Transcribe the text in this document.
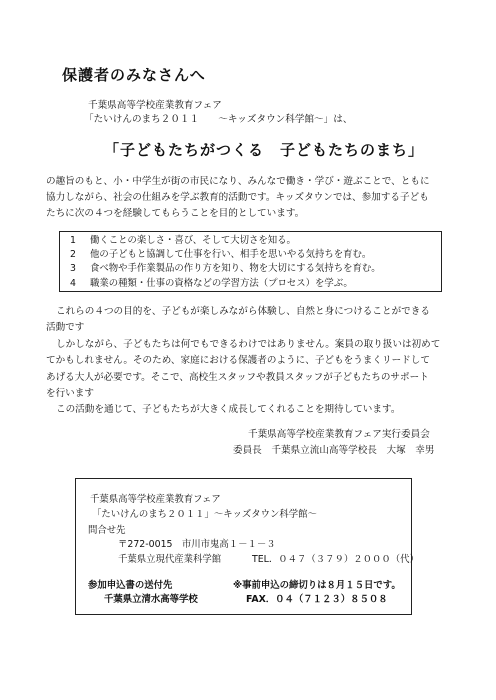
保護者のみなさんへ
千葉県高等学校産業教育フェア
「たいけんのまち２０１１　　～キッズタウン科学館～」は、
「子どもたちがつくる　子どもたちのまち」
の趣旨のもと、小・中学生が街の市民になり、みんなで働き・学び・遊ぶことで、ともに
協力しながら、社会の仕組みを学ぶ教育的活動です。キッズタウンでは、参加する子ども
たちに次の４つを経験してもらうことを目的としています。
1 働くことの楽しさ・喜び、そして大切さを知る。
2 他の子どもと協調して仕事を行い、相手を思いやる気持ちを育む。
3 食べ物や手作業製品の作り方を知り、物を大切にする気持ちを育む。
4 職業の種類・仕事の資格などの学習方法（プロセス）を学ぶ。
これらの４つの目的を、子どもが楽しみながら体験し、自然と身につけることができる
活動です
しかしながら、子どもたちは何でもできるわけではありません。案員の取り扱いは初めて
てかもしれません。そのため、家庭における保護者のように、子どもをうまくリードして
あげる大人が必要です。そこで、高校生スタッフや教員スタッフが子どもたちのサポート
を行います
この活動を通じて、子どもたちが大きく成長してくれることを期待しています。
千葉県高等学校産業教育フェア実行委員会
委員長　千葉県立流山高等学校長　大塚　幸男
千葉県高等学校産業教育フェア
「たいけんのまち２０１１」～キッズタウン科学館～
問合せ先
〒272-0015　市川市鬼高１－１－３
千葉県立現代産業科学館	TEL．０４７（３７９）２０００（代）
参加申込書の送付先	※事前申込の締切りは８月１５日です。
千葉県立清水高等学校	FAX．０４（７１２３）８５０８
